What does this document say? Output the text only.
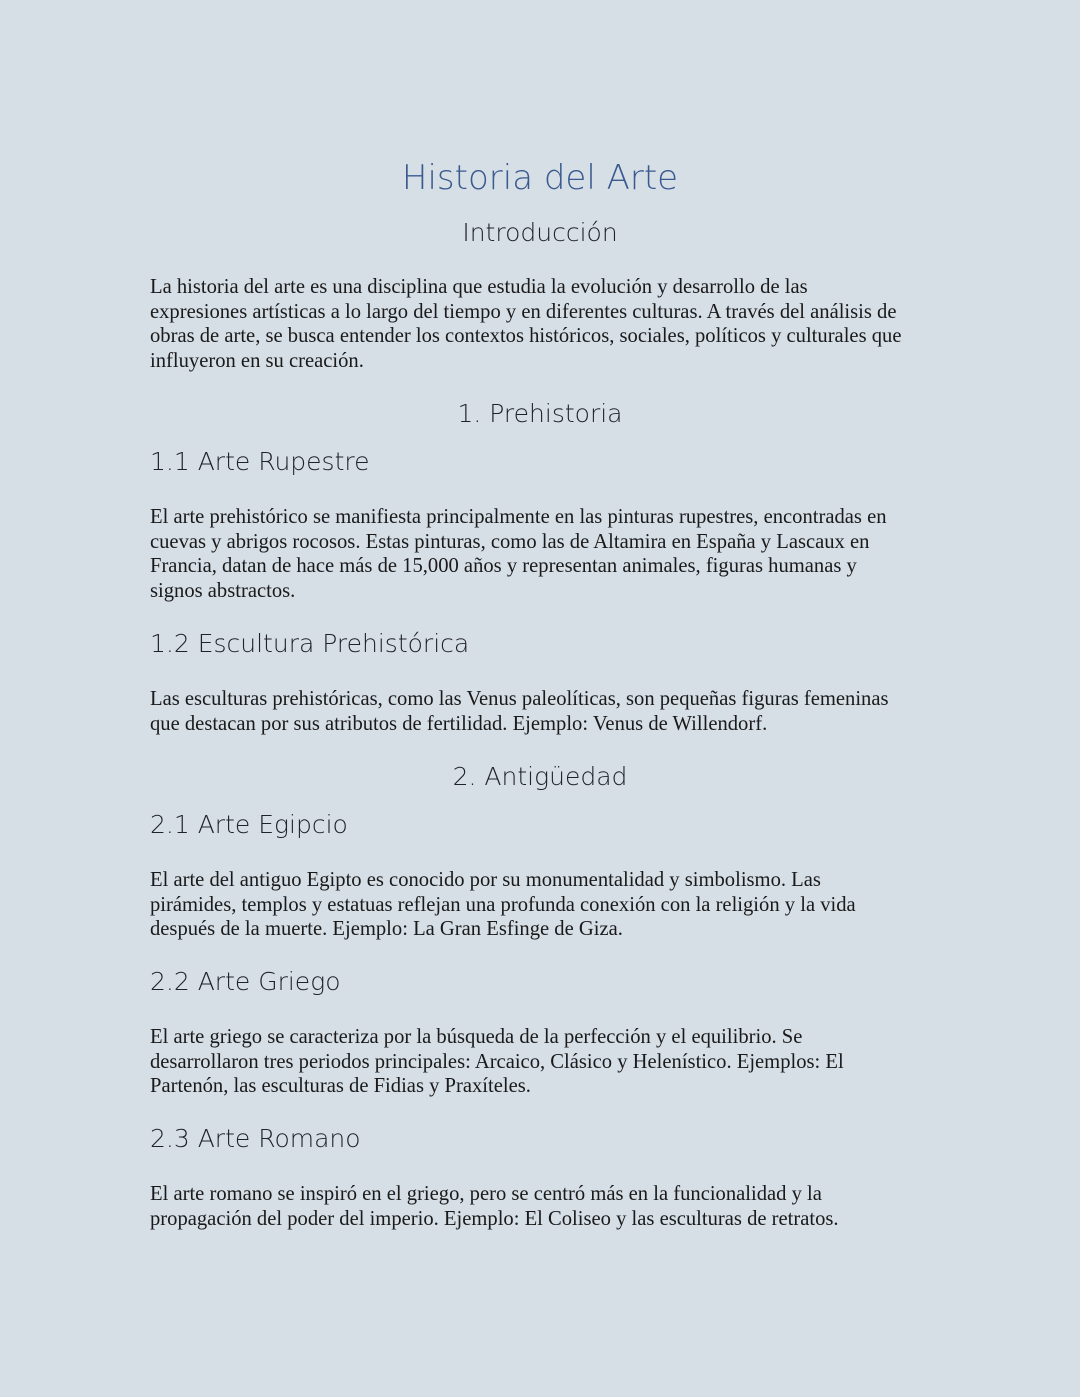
Historia del Arte
Introducción

La historia del arte es una disciplina que estudia la evolución y desarrollo de las
expresiones artísticas a lo largo del tiempo y en diferentes culturas. A través del análisis de
obras de arte, se busca entender los contextos históricos, sociales, políticos y culturales que
influyeron en su creación.

1. Prehistoria
1.1 Arte Rupestre

El arte prehistórico se manifiesta principalmente en las pinturas rupestres, encontradas en
cuevas y abrigos rocosos. Estas pinturas, como las de Altamira en España y Lascaux en
Francia, datan de hace más de 15,000 años y representan animales, figuras humanas y
signos abstractos.

1.2 Escultura Prehistórica

Las esculturas prehistóricas, como las Venus paleolíticas, son pequeñas figuras femeninas
que destacan por sus atributos de fertilidad. Ejemplo: Venus de Willendorf.

2. Antigüedad
2.1 Arte Egipcio

El arte del antiguo Egipto es conocido por su monumentalidad y simbolismo. Las
pirámides, templos y estatuas reflejan una profunda conexión con la religión y la vida
después de la muerte. Ejemplo: La Gran Esfinge de Giza.

2.2 Arte Griego

El arte griego se caracteriza por la búsqueda de la perfección y el equilibrio. Se
desarrollaron tres periodos principales: Arcaico, Clásico y Helenístico. Ejemplos: El
Partenón, las esculturas de Fidias y Praxíteles.

2.3 Arte Romano

El arte romano se inspiró en el griego, pero se centró más en la funcionalidad y la
propagación del poder del imperio. Ejemplo: El Coliseo y las esculturas de retratos.
